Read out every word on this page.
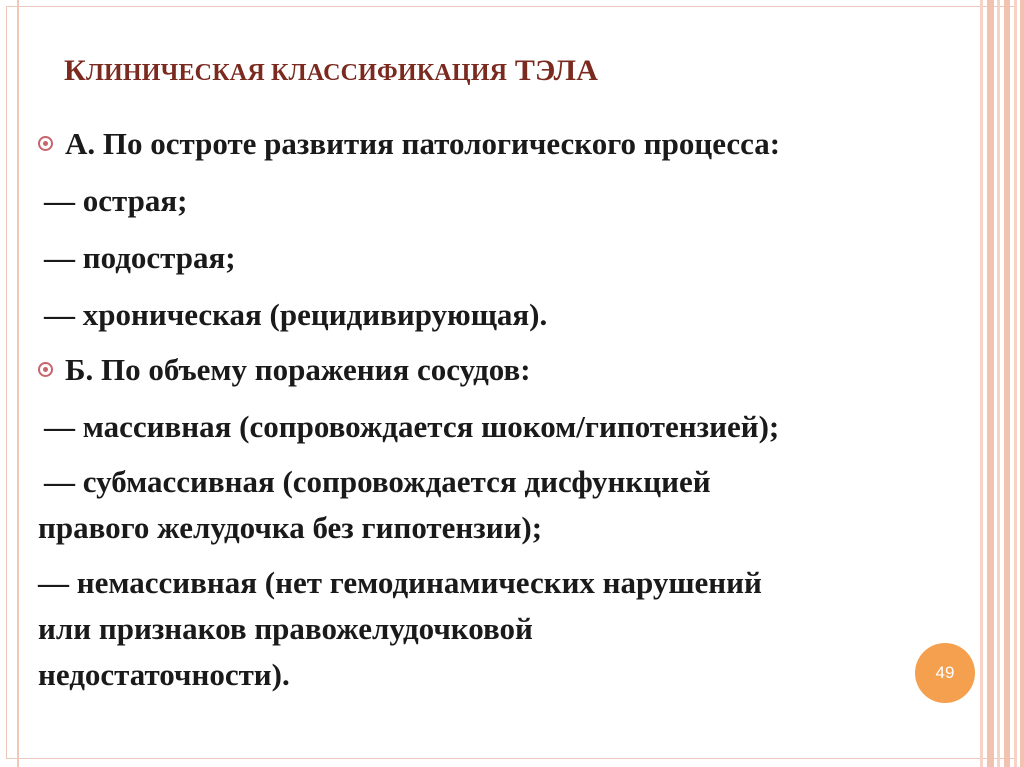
КЛИНИЧЕСКАЯ КЛАССИФИКАЦИЯ ТЭЛА
А. По остроте развития патологического процесса:
— острая;
— подострая;
— хроническая (рецидивирующая).
Б. По объему поражения сосудов:
— массивная (сопровождается шоком/гипотензией);
— субмассивная (сопровождается дисфункцией
правого желудочка без гипотензии);
— немассивная (нет гемодинамических нарушений
или признаков правожелудочковой
недостаточности).	49
